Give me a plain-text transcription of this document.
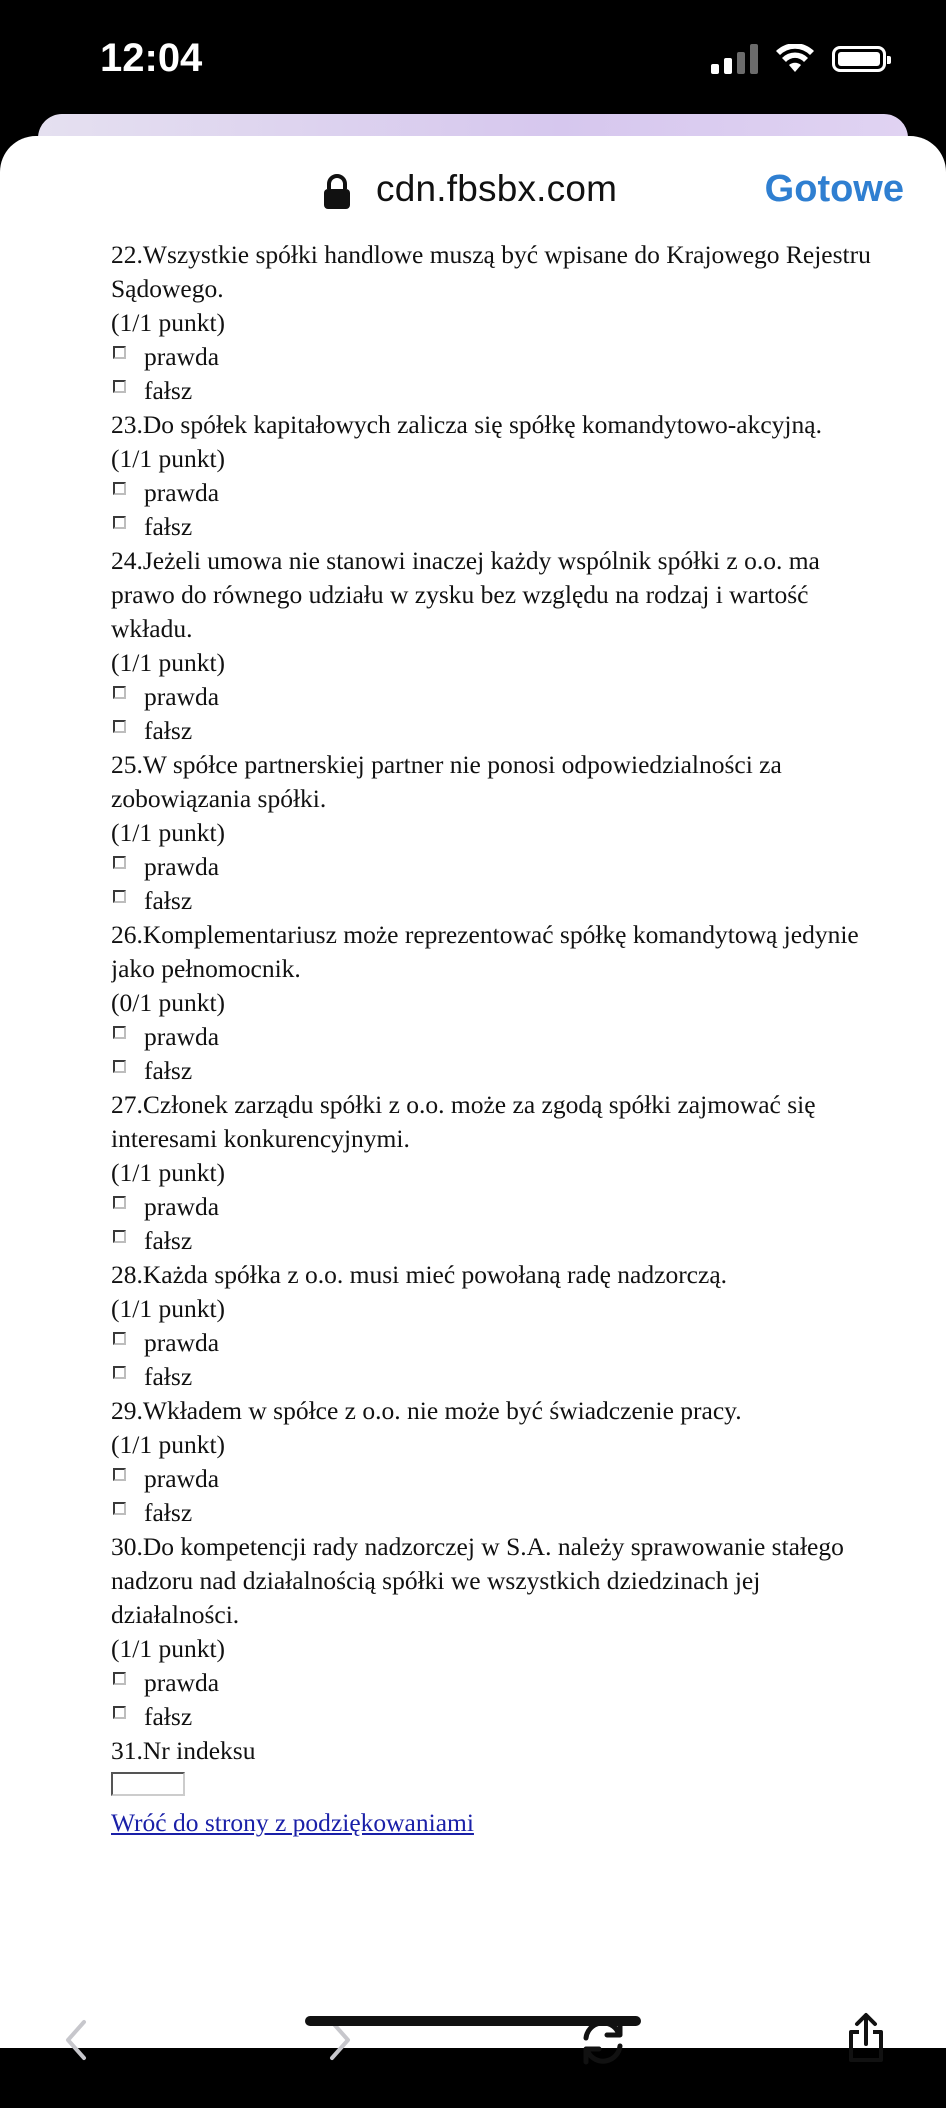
12:04
cdn.fbsbx.com	Gotowe

22.Wszystkie spółki handlowe muszą być wpisane do Krajowego Rejestru Sądowego.

(1/1 punkt)

prawda
fałsz

23.Do spółek kapitałowych zalicza się spółkę komandytowo-akcyjną.

(1/1 punkt)

prawda
fałsz

24.Jeżeli umowa nie stanowi inaczej każdy wspólnik spółki z o.o. ma prawo do równego udziału w zysku bez względu na rodzaj i wartość wkładu.

(1/1 punkt)

prawda
fałsz

25.W spółce partnerskiej partner nie ponosi odpowiedzialności za zobowiązania spółki.

(1/1 punkt)

prawda
fałsz

26.Komplementariusz może reprezentować spółkę komandytową jedynie jako pełnomocnik.

(0/1 punkt)

prawda
fałsz

27.Członek zarządu spółki z o.o. może za zgodą spółki zajmować się interesami konkurencyjnymi.

(1/1 punkt)

prawda
fałsz

28.Każda spółka z o.o. musi mieć powołaną radę nadzorczą.

(1/1 punkt)

prawda
fałsz

29.Wkładem w spółce z o.o. nie może być świadczenie pracy.

(1/1 punkt)

prawda
fałsz

30.Do kompetencji rady nadzorczej w S.A. należy sprawowanie stałego nadzoru nad działalnością spółki we wszystkich dziedzinach jej działalności.

(1/1 punkt)

prawda
fałsz

31.Nr indeksu

Wróć do strony z podziękowaniami
